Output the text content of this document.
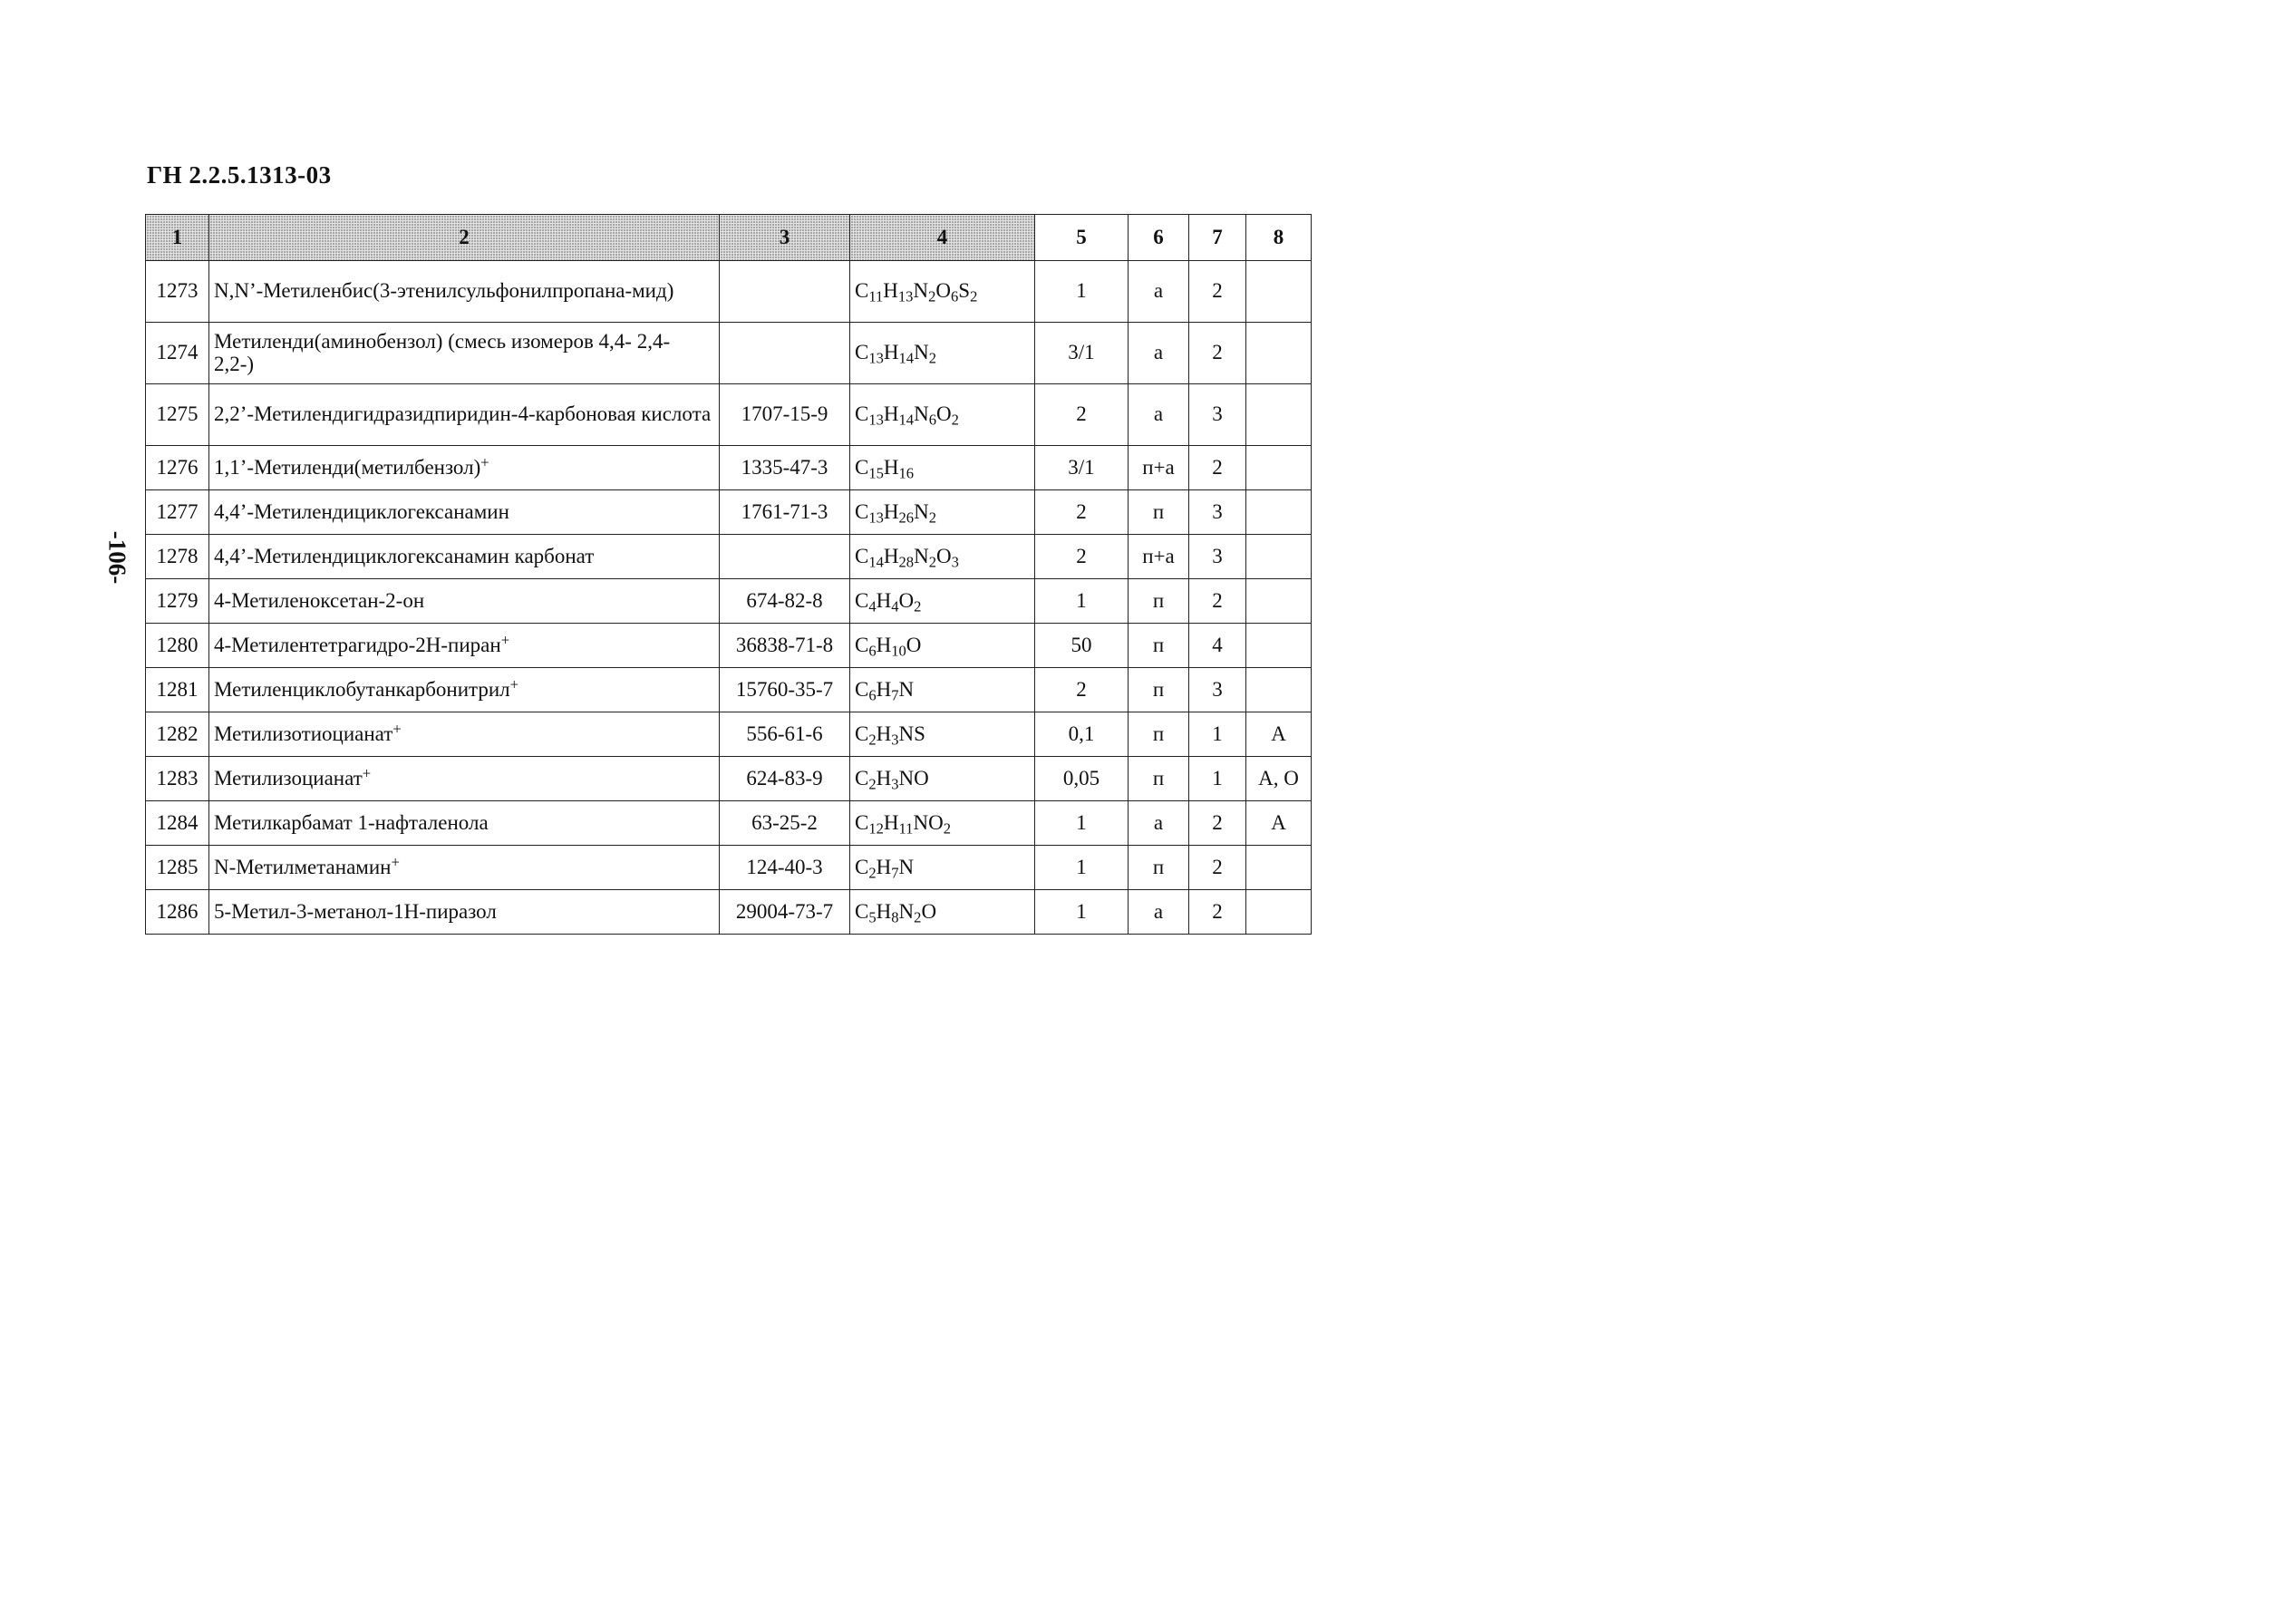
ГН 2.2.5.1313-03
-106-
1	2	3	4	5	6	7	8
1273	N,N’-Метиленбис(3-этенилсульфонилпропана-мид)		$C_{11}H_{13}N_2O_6S_2$	1	а	2	
1274	Метиленди(аминобензол) (смесь изомеров 4,4- 2,4- 2,2-)		$C_{13}H_{14}N_2$	3/1	а	2	
1275	2,2’-Метилендигидразидпиридин-4-карбоновая кислота	1707-15-9	$C_{13}H_{14}N_6O_2$	2	а	3	
1276	1,1’-Метиленди(метилбензол)+	1335-47-3	$C_{15}H_{16}$	3/1	п+а	2	
1277	4,4’-Метилендициклогексанамин	1761-71-3	$C_{13}H_{26}N_2$	2	п	3	
1278	4,4’-Метилендициклогексанамин карбонат		$C_{14}H_{28}N_2O_3$	2	п+а	3	
1279	4-Метиленоксетан-2-он	674-82-8	$C_4H_4O_2$	1	п	2	
1280	4-Метилентетрагидро-2Н-пиран+	36838-71-8	$C_6H_{10}O$	50	п	4	
1281	Метиленциклобутанкарбонитрил+	15760-35-7	$C_6H_7N$	2	п	3	
1282	Метилизотиоцианат+	556-61-6	$C_2H_3NS$	0,1	п	1	А
1283	Метилизоцианат+	624-83-9	$C_2H_3NO$	0,05	п	1	А, О
1284	Метилкарбамат 1-нафталенола	63-25-2	$C_{12}H_{11}NO_2$	1	а	2	А
1285	N-Метилметанамин+	124-40-3	$C_2H_7N$	1	п	2	
1286	5-Метил-3-метанол-1Н-пиразол	29004-73-7	$C_5H_8N_2O$	1	а	2	
